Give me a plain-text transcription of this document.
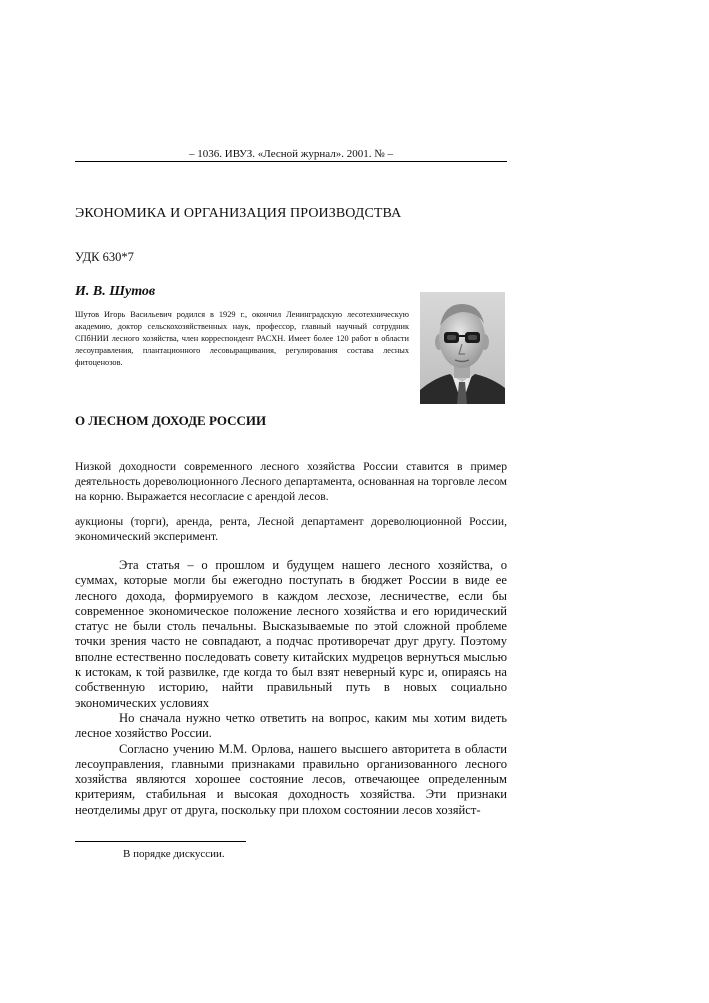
– 1036. ИВУЗ. «Лесной журнал». 2001. № –
ЭКОНОМИКА И ОРГАНИЗАЦИЯ ПРОИЗВОДСТВА
УДК 630*7
И. В. Шутов
Шутов Игорь Васильевич родился в 1929 г., окончил Ленинградскую лесотехническую академию, доктор сельскохозяйственных наук, профессор, главный научный сотрудник СПбНИИ лесного хозяйства, член корреспондент РАСХН. Имеет более 120 работ в области лесоуправления, плантационного лесовыращивания, регулирования состава лесных фитоценозов.
О ЛЕСНОМ ДОХОДЕ РОССИИ
Низкой доходности современного лесного хозяйства России ставится в пример деятельность дореволюционного Лесного департамента, основанная на торговле лесом на корню. Выражается несогласие с арендой лесов.
аукционы (торги), аренда, рента, Лесной департамент дореволюционной России, экономический эксперимент.

Эта статья – о прошлом и будущем нашего лесного хозяйства, о суммах, которые могли бы ежегодно поступать в бюджет России в виде ее лесного дохода, формируемого в каждом лесхозе, лесничестве, если бы современное экономическое положение лесного хозяйства и его юридический статус не были столь печальны. Высказываемые по этой сложной проблеме точки зрения часто не совпадают, а подчас противоречат друг другу. Поэтому вполне естественно последовать совету китайских мудрецов вернуться мыслью к истокам, к той развилке, где когда то был взят неверный курс и, опираясь на собственную историю, найти правильный путь в новых социально экономических условиях

Но сначала нужно четко ответить на вопрос, каким мы хотим видеть лесное хозяйство России.

Согласно учению М.М. Орлова, нашего высшего авторитета в области лесоуправления, главными признаками правильно организованного лесного хозяйства являются хорошее состояние лесов, отвечающее определенным критериям, стабильная и высокая доходность хозяйства. Эти признаки неотделимы друг от друга, поскольку при плохом состоянии лесов хозяйст-

В порядке дискуссии.
